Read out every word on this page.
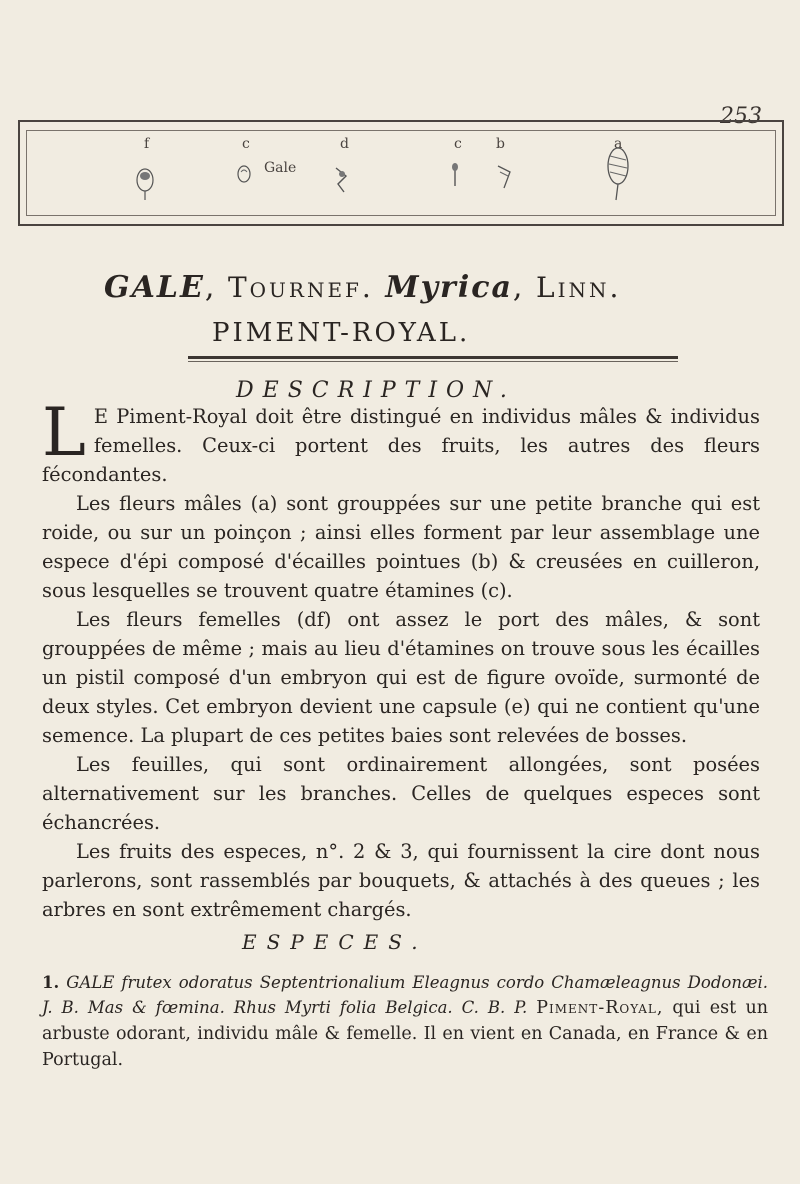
253
f	c	d	c b	a
Gale
GALE, Tournef. Myrica, Linn.
PIMENT-ROYAL.
DESCRIPTION.

L E Piment-Royal doit être distingué en individus mâles & individus femelles. Ceux-ci portent des fruits, les autres des fleurs fécondantes.

Les fleurs mâles (a) sont grouppées sur une petite branche qui est roide, ou sur un poinçon ; ainsi elles forment par leur assemblage une espece d'épi composé d'écailles pointues (b) & creusées en cuilleron, sous lesquelles se trouvent quatre étamines (c).

Les fleurs femelles (df) ont assez le port des mâles, & sont grouppées de même ; mais au lieu d'étamines on trouve sous les écailles un pistil composé d'un embryon qui est de figure ovoïde, surmonté de deux styles. Cet embryon devient une capsule (e) qui ne contient qu'une semence. La plupart de ces petites baies sont relevées de bosses.

Les feuilles, qui sont ordinairement allongées, sont posées alternativement sur les branches. Celles de quelques especes sont échancrées.

Les fruits des especes, n°. 2 & 3, qui fournissent la cire dont nous parlerons, sont rassemblés par bouquets, & attachés à des queues ; les arbres en sont extrêmement chargés.

ESPECES.
1. GALE frutex odoratus Septentrionalium Eleagnus cordo Chamæleagnus Dodonæi. J. B. Mas & fœmina. Rhus Myrti folia Belgica. C. B. P. Piment-Royal, qui est un arbuste odorant, individu mâle & femelle. Il en vient en Canada, en France & en Portugal.
